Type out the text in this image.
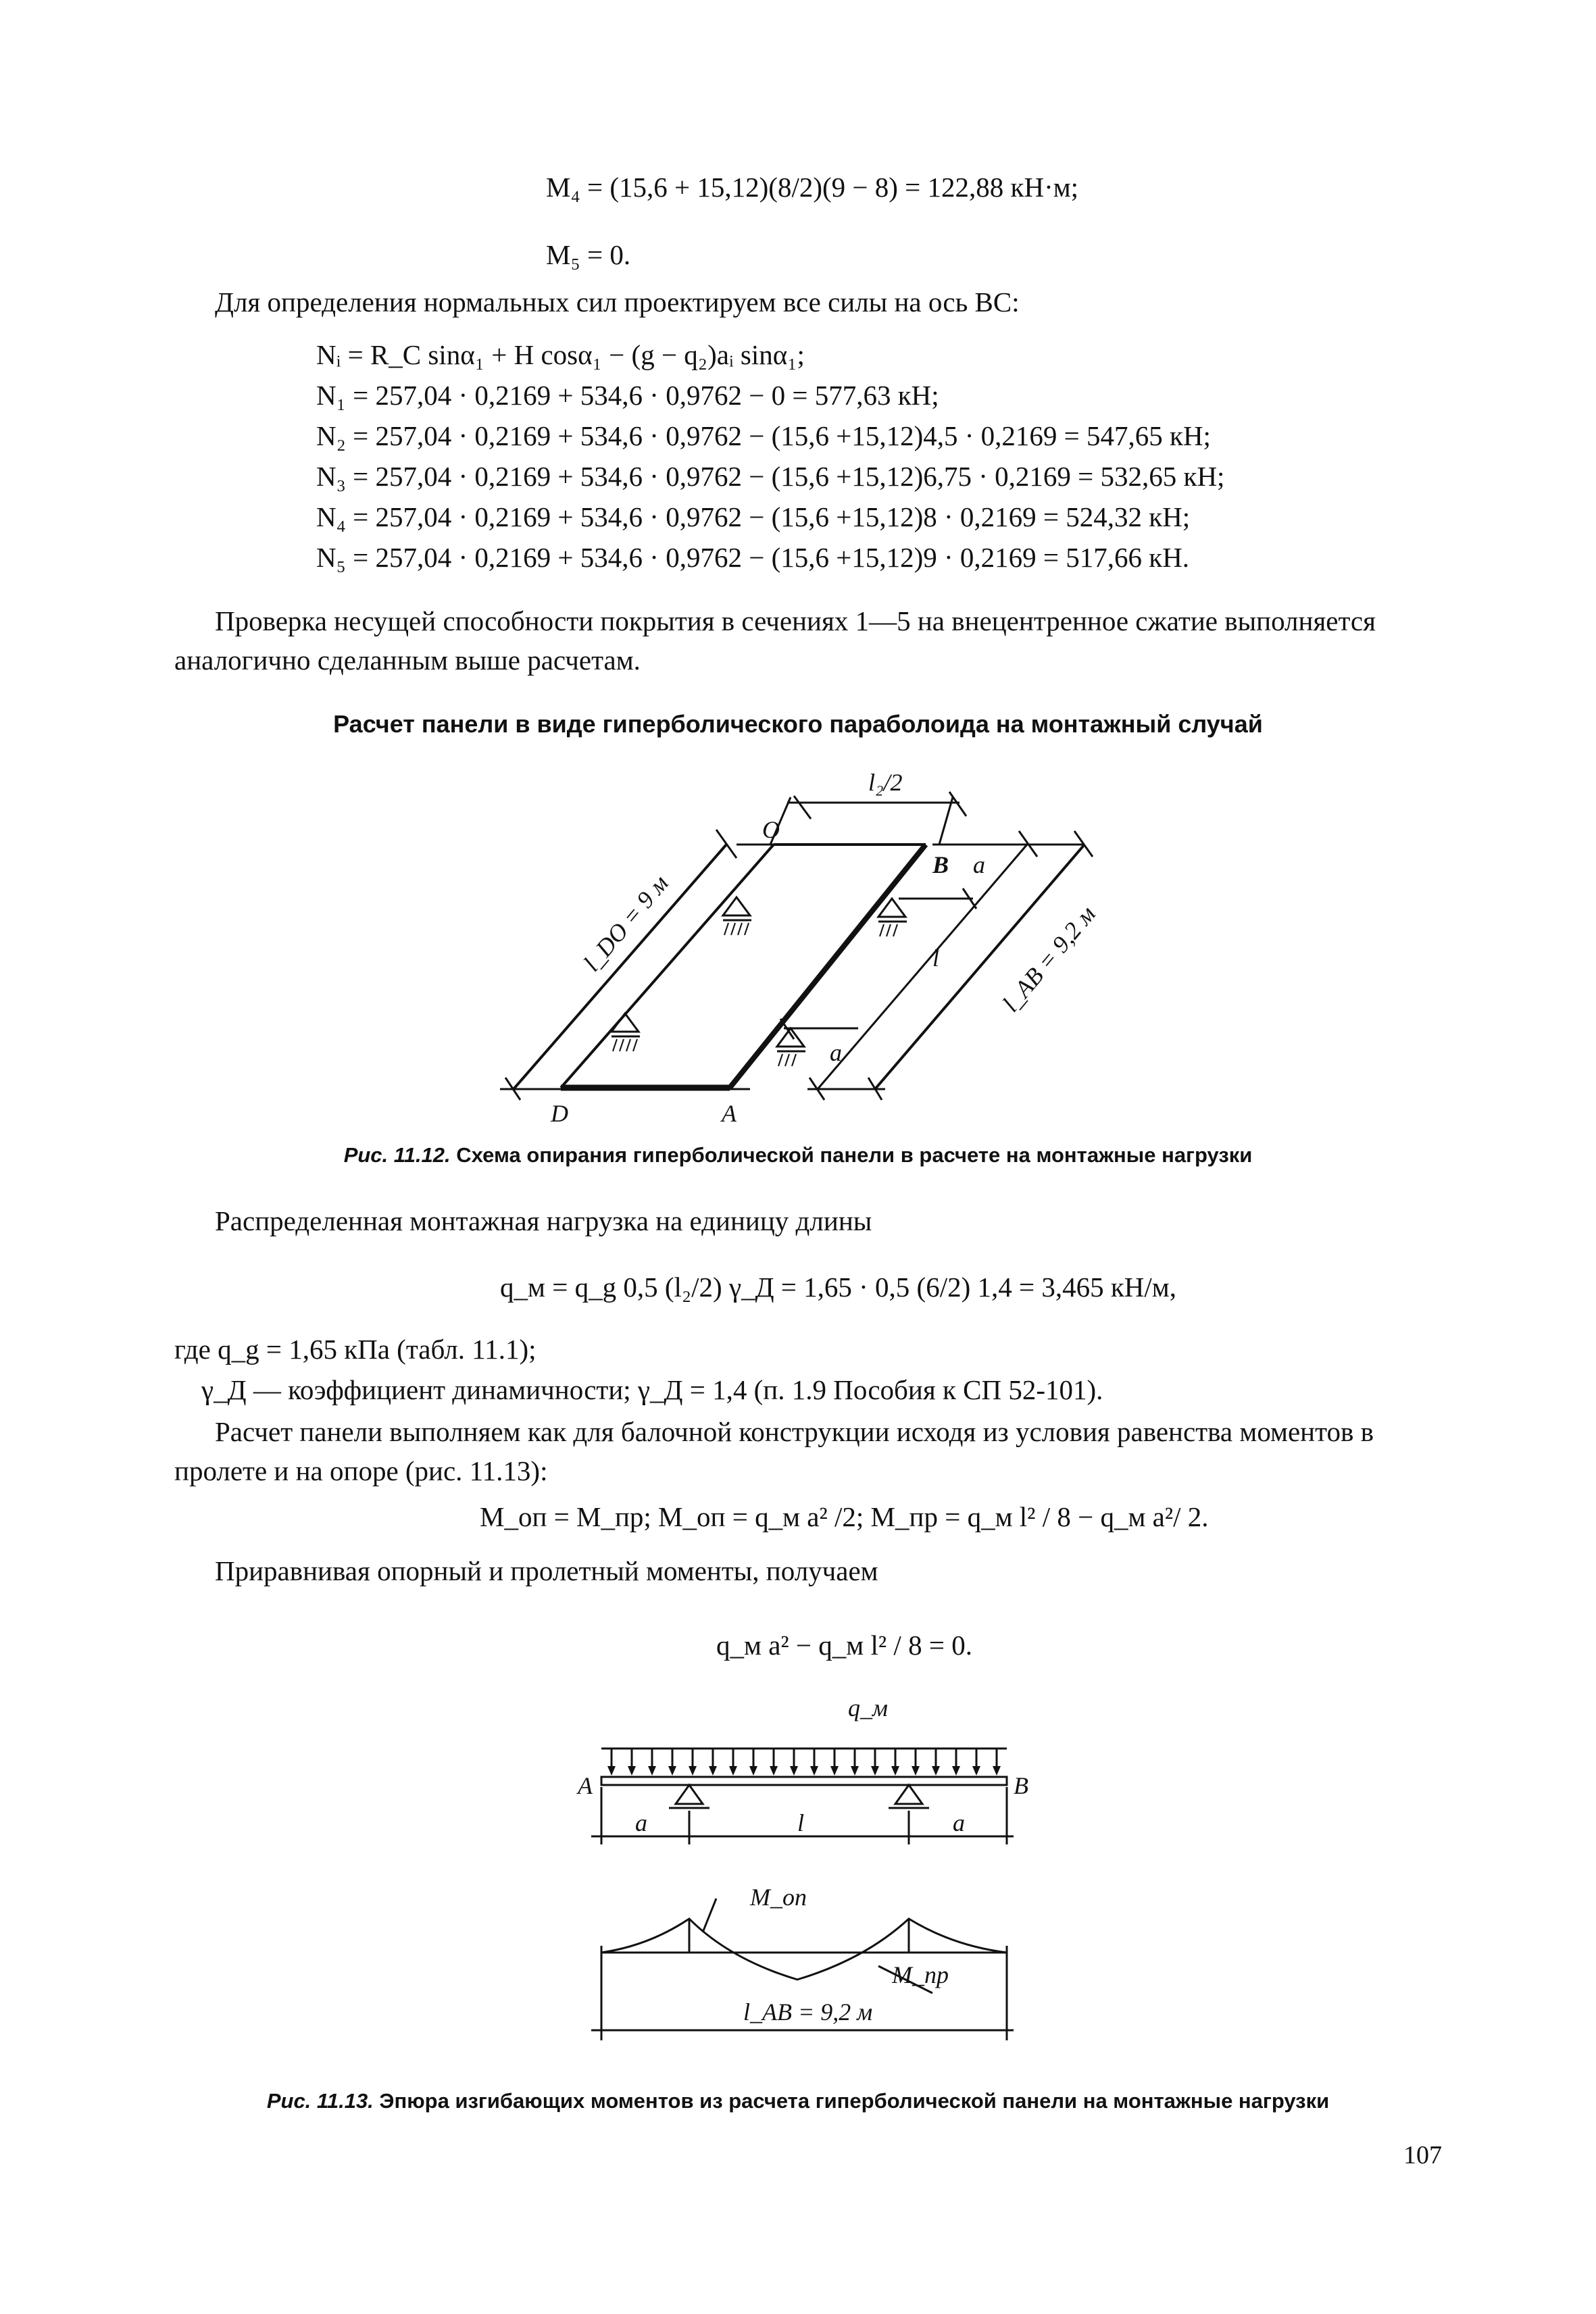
M₄ = (15,6 + 15,12)(8/2)(9 − 8) = 122,88 кН·м;
M₅ = 0.
Для определения нормальных сил проектируем все силы на ось BC:
Nᵢ = R_C sinα₁ + H cosα₁ − (g − q₂)aᵢ sinα₁;
N₁ = 257,04 · 0,2169 + 534,6 · 0,9762 − 0 = 577,63 кН;
N₂ = 257,04 · 0,2169 + 534,6 · 0,9762 − (15,6 +15,12)4,5 · 0,2169 = 547,65 кН;
N₃ = 257,04 · 0,2169 + 534,6 · 0,9762 − (15,6 +15,12)6,75 · 0,2169 = 532,65 кН;
N₄ = 257,04 · 0,2169 + 534,6 · 0,9762 − (15,6 +15,12)8 · 0,2169 = 524,32 кН;
N₅ = 257,04 · 0,2169 + 534,6 · 0,9762 − (15,6 +15,12)9 · 0,2169 = 517,66 кН.
Проверка несущей способности покрытия в сечениях 1—5 на внецентренное сжатие выполняется аналогично сделанным выше расчетам.
Расчет панели в виде гиперболического параболоида на монтажный случай
l₂/2
O
B a
l
a
D	A
l_DO = 9 м	l_AB = 9,2 м
Рис. 11.12. Схема опирания гиперболической панели в расчете на монтажные нагрузки
Распределенная монтажная нагрузка на единицу длины
q_м = q_g 0,5 (l₂/2) γ_Д = 1,65 · 0,5 (6/2) 1,4 = 3,465 кН/м,
где q_g = 1,65 кПа (табл. 11.1);
γ_Д — коэффициент динамичности; γ_Д = 1,4 (п. 1.9 Пособия к СП 52-101).
Расчет панели выполняем как для балочной конструкции исходя из условия равенства моментов в пролете и на опоре (рис. 11.13):
M_оп = M_пр; M_оп = q_м a² /2; M_пр = q_м l² / 8 − q_м a²/ 2.
Приравнивая опорный и пролетный моменты, получаем
q_м a² − q_м l² / 8 = 0.
q_м
A	B
a	l	a
M_оп
M_пр
l_AB = 9,2 м
Рис. 11.13. Эпюра изгибающих моментов из расчета гиперболической панели на монтажные нагрузки
107
